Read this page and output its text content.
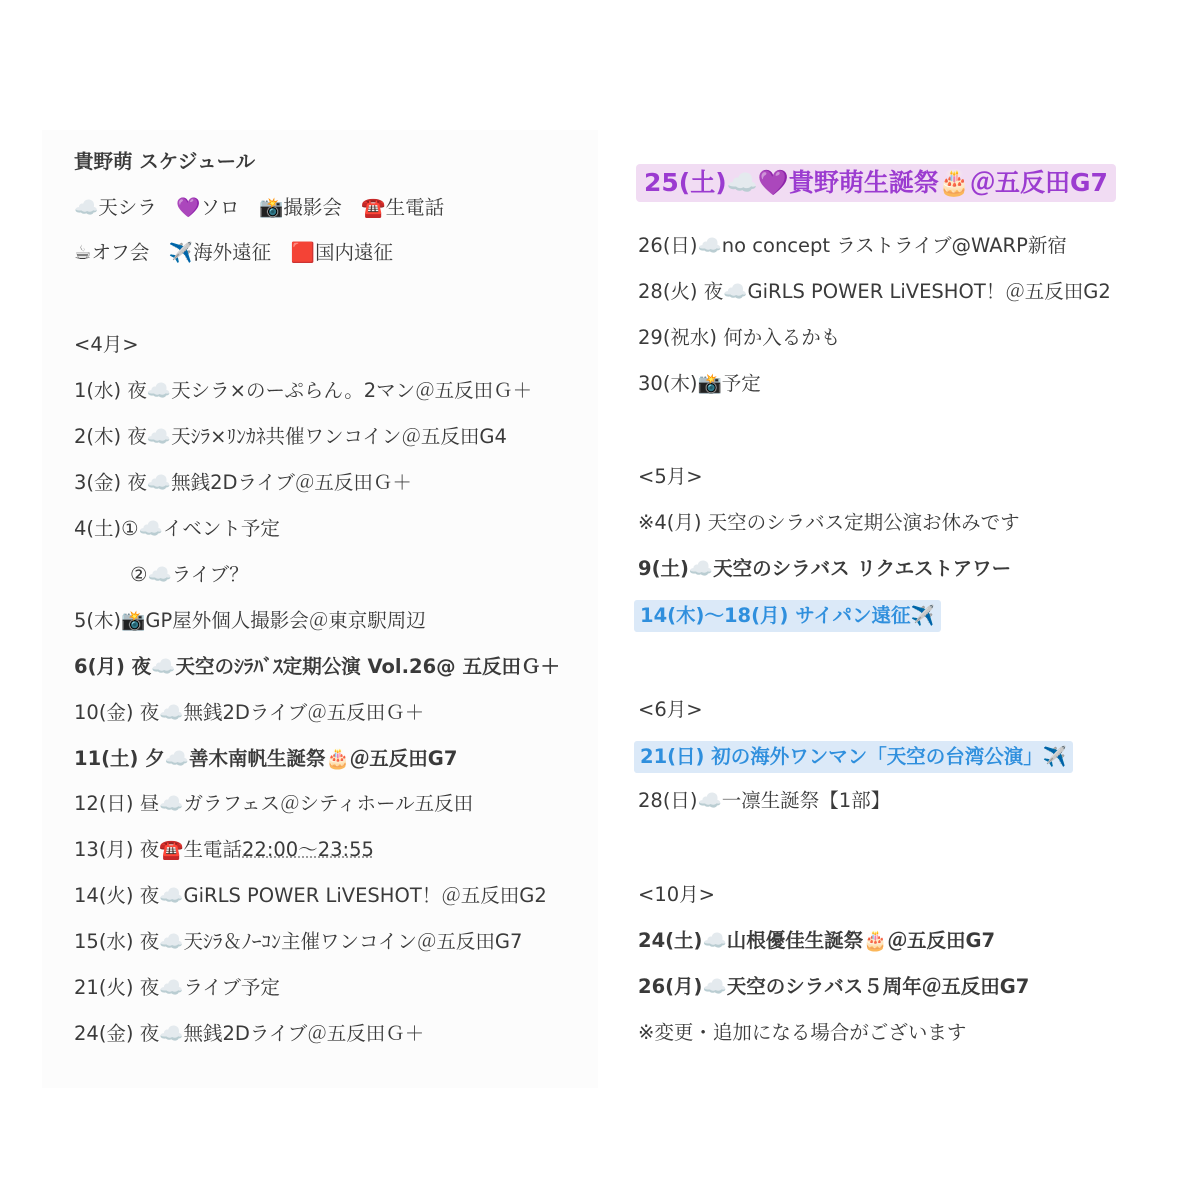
貴野萌 スケジュール
☁️天シラ　💜ソロ　📸撮影会　☎️生電話
☕オフ会　✈️海外遠征　🟥国内遠征
<4月>
1(水) 夜☁️天シラ×のーぷらん。2マン＠五反田Ｇ＋
2(木) 夜☁️天ｼﾗ×ﾘﾝｶﾈ共催ワンコイン＠五反田G4
3(金) 夜☁️無銭2Dライブ＠五反田Ｇ＋
4(土)①☁️イベント予定
②☁️ライブ？
5(木)📸GP屋外個人撮影会＠東京駅周辺
6(月) 夜☁️天空のｼﾗﾊﾞｽ定期公演 Vol.26@ 五反田Ｇ＋
10(金) 夜☁️無銭2Dライブ＠五反田Ｇ＋
11(土) 夕☁️善木南帆生誕祭🎂＠五反田G7
12(日) 昼☁️ガラフェス＠シティホール五反田
13(月) 夜☎️生電話22:00～23:55
14(火) 夜☁️GiRLS POWER LiVESHOT！＠五反田G2
15(水) 夜☁️天ｼﾗ＆ﾉｰｺﾝ主催ワンコイン＠五反田G7
21(火) 夜☁️ライブ予定
24(金) 夜☁️無銭2Dライブ＠五反田Ｇ＋
25(土)☁️💜貴野萌生誕祭🎂＠五反田G7
26(日)☁️no concept ラストライブ@WARP新宿
28(火) 夜☁️GiRLS POWER LiVESHOT！＠五反田G2
29(祝水) 何か入るかも
30(木)📸予定
<5月>
※4(月) 天空のシラバス定期公演お休みです
9(土)☁️天空のシラバス リクエストアワー
14(木)～18(月) サイパン遠征✈️
<6月>
21(日) 初の海外ワンマン「天空の台湾公演」✈️
28(日)☁️一凛生誕祭【1部】
<10月>
24(土)☁️山根優佳生誕祭🎂＠五反田G7
26(月)☁️天空のシラバス５周年＠五反田G7
※変更・追加になる場合がございます
